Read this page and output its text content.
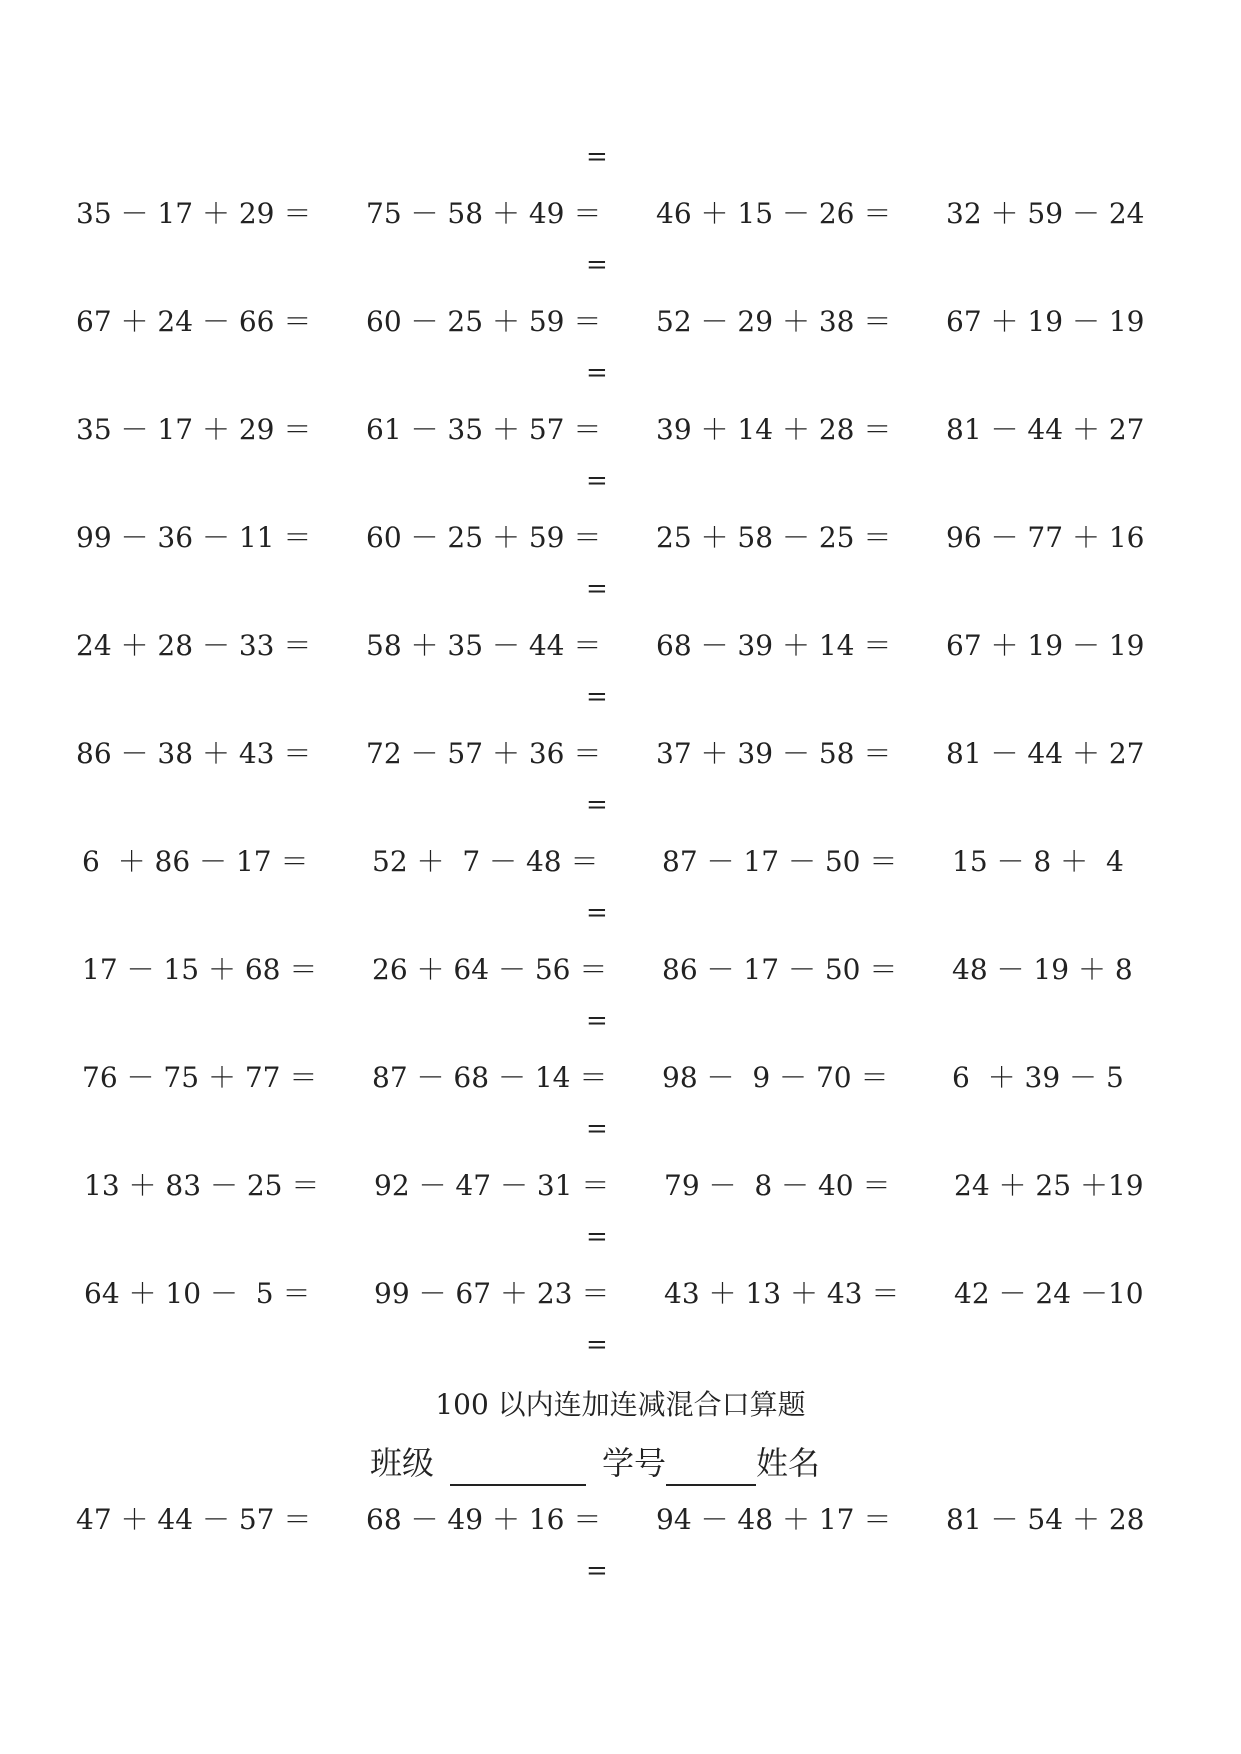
=
35 － 17 ＋ 29 ＝ 75 － 58 ＋ 49 ＝ 46 ＋ 15 － 26 ＝ 32 ＋ 59 － 24
=
67 ＋ 24 － 66 ＝ 60 － 25 ＋ 59 ＝ 52 － 29 ＋ 38 ＝ 67 ＋ 19 － 19
=
35 － 17 ＋ 29 ＝ 61 － 35 ＋ 57 ＝ 39 ＋ 14 ＋ 28 ＝ 81 － 44 ＋ 27
=
99 － 36 － 11 ＝ 60 － 25 ＋ 59 ＝ 25 ＋ 58 － 25 ＝ 96 － 77 ＋ 16
=
24 ＋ 28 － 33 ＝ 58 ＋ 35 － 44 ＝ 68 － 39 ＋ 14 ＝ 67 ＋ 19 － 19
=
86 － 38 ＋ 43 ＝ 72 － 57 ＋ 36 ＝ 37 ＋ 39 － 58 ＝ 81 － 44 ＋ 27
=
6  ＋ 86 － 17 ＝ 52 ＋  7 － 48 ＝ 87 － 17 － 50 ＝ 15 － 8 ＋  4
=
17 － 15 ＋ 68 ＝ 26 ＋ 64 － 56 ＝ 86 － 17 － 50 ＝ 48 － 19 ＋ 8
=
76 － 75 ＋ 77 ＝ 87 － 68 － 14 ＝ 98 －  9 － 70 ＝ 6  ＋ 39 － 5
=
13 ＋ 83 － 25 ＝ 92 － 47 － 31 ＝ 79 －  8 － 40 ＝ 24 ＋ 25 ＋19
=
64 ＋ 10 －  5 ＝ 99 － 67 ＋ 23 ＝ 43 ＋ 13 ＋ 43 ＝ 42 － 24 －10
=
100 以内连加连减混合口算题
班级	学号	姓名
47 ＋ 44 － 57 ＝ 68 － 49 ＋ 16 ＝ 94 － 48 ＋ 17 ＝ 81 － 54 ＋ 28
=
